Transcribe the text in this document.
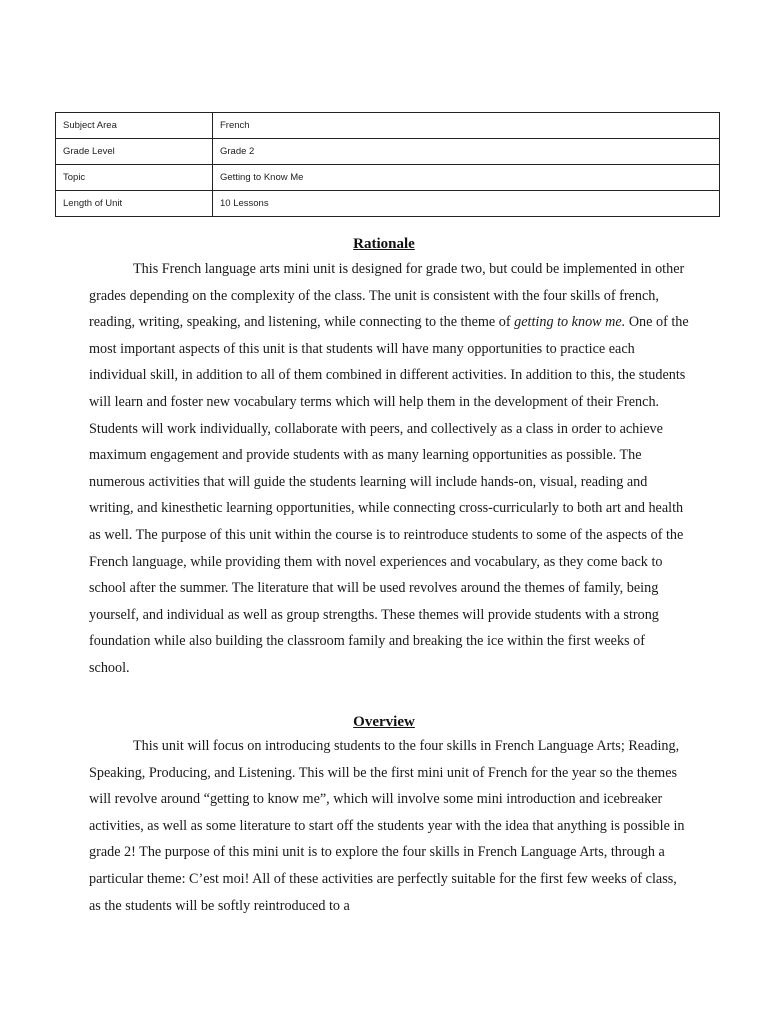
Subject Area	French
Grade Level	Grade 2
Topic	Getting to Know Me
Length of Unit	10 Lessons
Rationale

This French language arts mini unit is designed for grade two, but could be implemented in other grades depending on the complexity of the class. The unit is consistent with the four skills of french, reading, writing, speaking, and listening, while connecting to the theme of getting to know me. One of the most important aspects of this unit is that students will have many opportunities to practice each individual skill, in addition to all of them combined in different activities. In addition to this, the students will learn and foster new vocabulary terms which will help them in the development of their French. Students will work individually, collaborate with peers, and collectively as a class in order to achieve maximum engagement and provide students with as many learning opportunities as possible. The numerous activities that will guide the students learning will include hands-on, visual, reading and writing, and kinesthetic learning opportunities, while connecting cross-curricularly to both art and health as well. The purpose of this unit within the course is to reintroduce students to some of the aspects of the French language, while providing them with novel experiences and vocabulary, as they come back to school after the summer. The literature that will be used revolves around the themes of family, being yourself, and individual as well as group strengths. These themes will provide students with a strong foundation while also building the classroom family and breaking the ice within the first weeks of school.

Overview

This unit will focus on introducing students to the four skills in French Language Arts; Reading, Speaking, Producing, and Listening. This will be the first mini unit of French for the year so the themes will revolve around “getting to know me”, which will involve some mini introduction and icebreaker activities, as well as some literature to start off the students year with the idea that anything is possible in grade 2! The purpose of this mini unit is to explore the four skills in French Language Arts, through a particular theme: C’est moi! All of these activities are perfectly suitable for the first few weeks of class, as the students will be softly reintroduced to a
